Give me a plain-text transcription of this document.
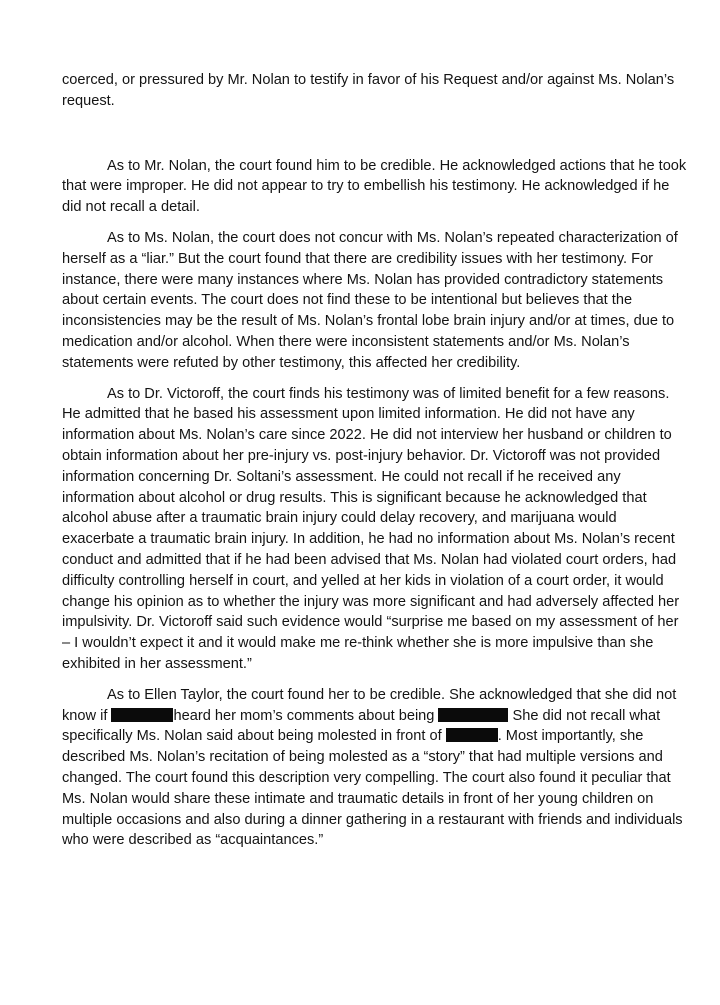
coerced, or pressured by Mr. Nolan to testify in favor of his Request and/or against Ms. Nolan’s request.

As to Mr. Nolan, the court found him to be credible. He acknowledged actions that he took that were improper. He did not appear to try to embellish his testimony. He acknowledged if he did not recall a detail.

As to Ms. Nolan, the court does not concur with Ms. Nolan’s repeated characterization of herself as a “liar.” But the court found that there are credibility issues with her testimony. For instance, there were many instances where Ms. Nolan has provided contradictory statements about certain events. The court does not find these to be intentional but believes that the inconsistencies may be the result of Ms. Nolan’s frontal lobe brain injury and/or at times, due to medication and/or alcohol. When there were inconsistent statements and/or Ms. Nolan’s statements were refuted by other testimony, this affected her credibility.

As to Dr. Victoroff, the court finds his testimony was of limited benefit for a few reasons. He admitted that he based his assessment upon limited information. He did not have any information about Ms. Nolan’s care since 2022. He did not interview her husband or children to obtain information about her pre-injury vs. post-injury behavior. Dr. Victoroff was not provided information concerning Dr. Soltani’s assessment. He could not recall if he received any information about alcohol or drug results. This is significant because he acknowledged that alcohol abuse after a traumatic brain injury could delay recovery, and marijuana would exacerbate a traumatic brain injury. In addition, he had no information about Ms. Nolan’s recent conduct and admitted that if he had been advised that Ms. Nolan had violated court orders, had difficulty controlling herself in court, and yelled at her kids in violation of a court order, it would change his opinion as to whether the injury was more significant and had adversely affected her impulsivity. Dr. Victoroff said such evidence would “surprise me based on my assessment of her – I wouldn’t expect it and it would make me re-think whether she is more impulsive than she exhibited in her assessment.”

As to Ellen Taylor, the court found her to be credible. She acknowledged that she did not know if	heard her mom’s comments about being	She did not recall what specifically Ms. Nolan said about being molested in front of	. Most importantly, she described Ms. Nolan’s recitation of being molested as a “story” that had multiple versions and changed. The court found this description very compelling. The court also found it peculiar that Ms. Nolan would share these intimate and traumatic details in front of her young children on multiple occasions and also during a dinner gathering in a restaurant with friends and individuals who were described as “acquaintances.”
